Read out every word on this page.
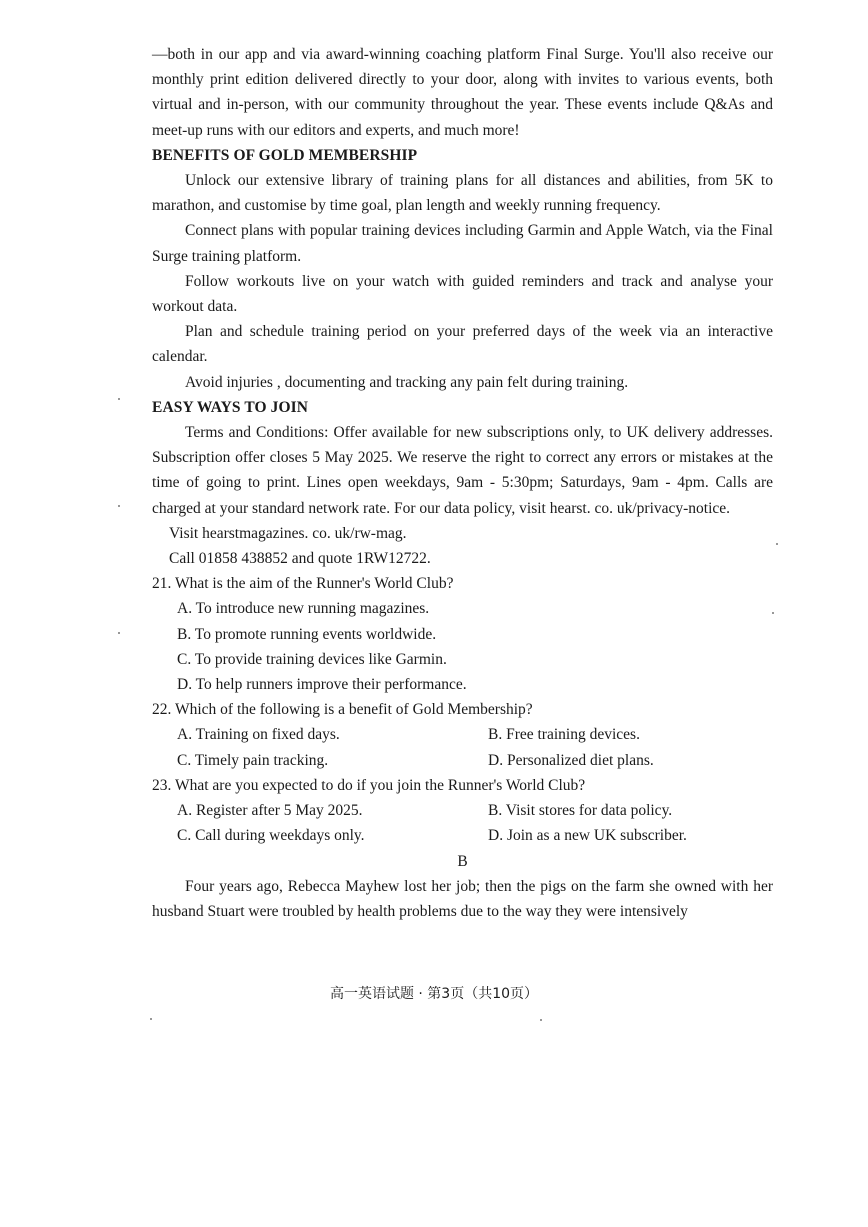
—both in our app and via award-winning coaching platform Final Surge. You'll also receive our monthly print edition delivered directly to your door, along with invites to various events, both virtual and in-person, with our community throughout the year. These events include Q&As and meet-up runs with our editors and experts, and much more!

BENEFITS OF GOLD MEMBERSHIP

Unlock our extensive library of training plans for all distances and abilities, from 5K to marathon, and customise by time goal, plan length and weekly running frequency.

Connect plans with popular training devices including Garmin and Apple Watch, via the Final Surge training platform.

Follow workouts live on your watch with guided reminders and track and analyse your workout data.

Plan and schedule training period on your preferred days of the week via an interactive calendar.

Avoid injuries , documenting and tracking any pain felt during training.

EASY WAYS TO JOIN

Terms and Conditions: Offer available for new subscriptions only, to UK delivery addresses. Subscription offer closes 5 May 2025. We reserve the right to correct any errors or mistakes at the time of going to print. Lines open weekdays, 9am - 5:30pm; Saturdays, 9am - 4pm. Calls are charged at your standard network rate. For our data policy, visit hearst. co. uk/privacy-notice.

Visit hearstmagazines. co. uk/rw-mag.

Call 01858 438852 and quote 1RW12722.

21. What is the aim of the Runner's World Club?

A. To introduce new running magazines.
B. To promote running events worldwide.
C. To provide training devices like Garmin.
D. To help runners improve their performance.

22. Which of the following is a benefit of Gold Membership?

A. Training on fixed days.	B. Free training devices.
C. Timely pain tracking.	D. Personalized diet plans.

23. What are you expected to do if you join the Runner's World Club?

A. Register after 5 May 2025.	B. Visit stores for data policy.
C. Call during weekdays only.	D. Join as a new UK subscriber.

B

Four years ago, Rebecca Mayhew lost her job; then the pigs on the farm she owned with her husband Stuart were troubled by health problems due to the way they were intensively

高一英语试题 · 第3页（共10页）
